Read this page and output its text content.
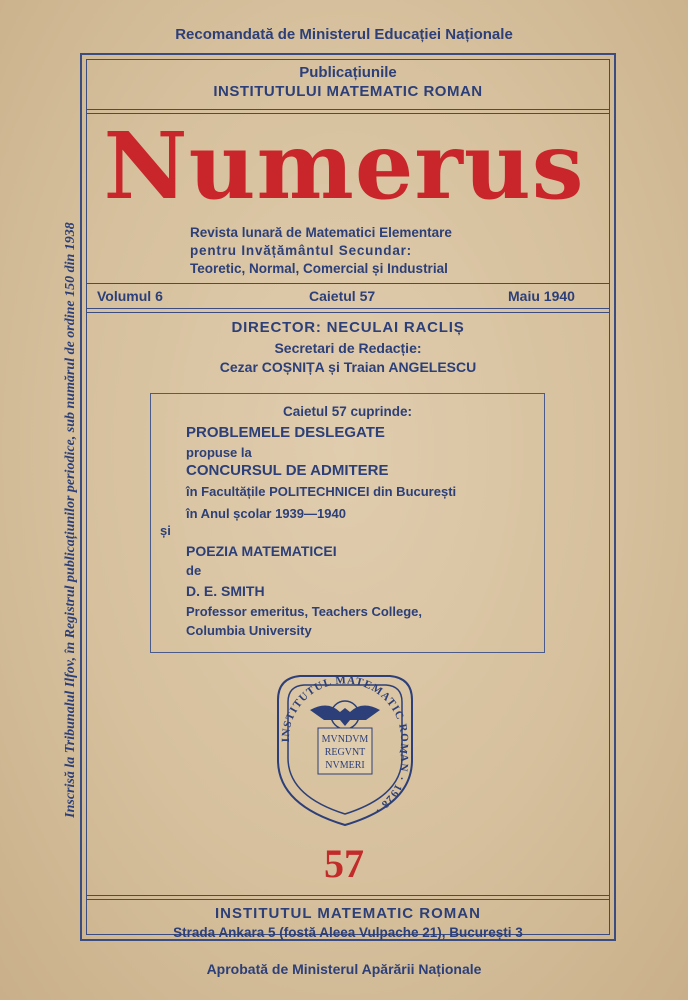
Recomandată de Ministerul Educației Naționale
Publicațiunile
INSTITUTULUI MATEMATIC ROMAN
Numerus
Revista lunară de Matematici Elementare
pentru Invățământul Secundar:
Teoretic, Normal, Comercial și Industrial
Volumul 6	Caietul 57	Maiu 1940
DIRECTOR: NECULAI RACLIȘ
Secretari de Redacție:
Cezar COȘNIȚA și Traian ANGELESCU
Caietul 57 cuprinde:
PROBLEMELE DESLEGATE
propuse la
CONCURSUL DE ADMITERE
în Facultățile POLITECHNICEI din București
în Anul școlar 1939—1940
și
POEZIA MATEMATICEI
de
D. E. SMITH
Professor emeritus, Teachers College,
Columbia University
INSTITUTUL MATEMATIC ROMAN · 1928 ·
MVNDVM
REGVNT
NVMERI
57
INSTITUTUL MATEMATIC ROMAN
Strada Ankara 5 (fostă Aleea Vulpache 21), București 3
Aprobată de Ministerul Apărării Naționale
Inscrisă la Tribunalul Ilfov, în Registrul publicațiunilor periodice, sub numărul de ordine 150 din 1938
